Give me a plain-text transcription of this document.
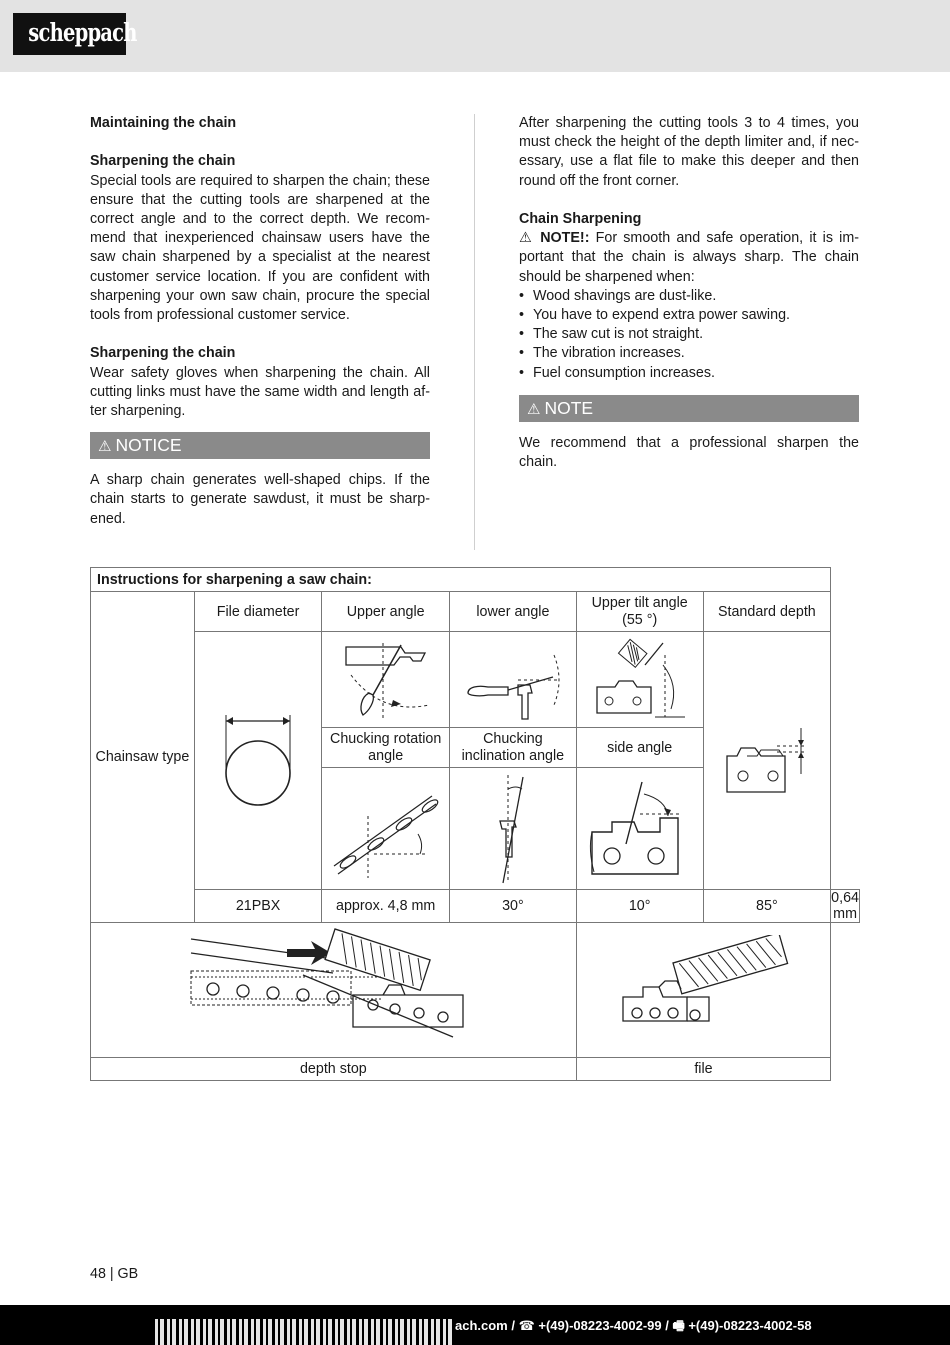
scheppach

Maintaining the chain

Sharpening the chain

Special tools are required to sharpen the chain; these ensure that the cutting tools are sharpened at the correct angle and to the correct depth. We recommend that inexperienced chainsaw users have the saw chain sharpened by a specialist at the nearest customer service location. If you are confident with sharpening your own saw chain, procure the special tools from professional customer service.

Sharpening the chain

Wear safety gloves when sharpening the chain. All cutting links must have the same width and length after sharpening.

⚠ NOTICE

A sharp chain generates well-shaped chips. If the chain starts to generate sawdust, it must be sharpened.

After sharpening the cutting tools 3 to 4 times, you must check the height of the depth limiter and, if necessary, use a flat file to make this deeper and then round off the front corner.

Chain Sharpening

⚠ NOTE!: For smooth and safe operation, it is important that the chain is always sharp. The chain should be sharpened when:

• Wood shavings are dust-like.
• You have to expend extra power sawing.
• The saw cut is not straight.
• The vibration increases.
• Fuel consumption increases.
⚠ NOTE

We recommend that a professional sharpen the chain.

Instructions for sharpening a saw chain:						
Chainsaw type	File diameter	Upper angle	lower angle	Upper tilt angle (55 °)	Standard depth	

		Chucking rotation angle	Chucking inclination angle	side angle		

	21PBX	approx. 4,8 mm	30°	10°	85°	0,64 mm

depth stop				file		
48 | GB
ach.com / ☎ +(49)-08223-4002-99 / 🖷 +(49)-08223-4002-58
